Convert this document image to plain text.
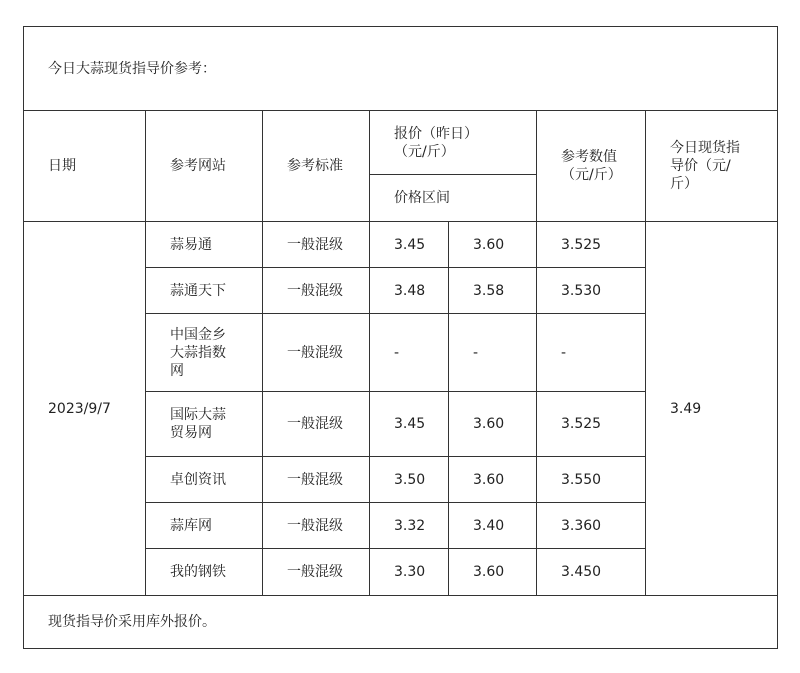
今日大蒜现货指导价参考：						
日期	参考网站	参考标准	报价（昨日）（元/斤）		参考数值（元/斤）	今日现货指导价（元/斤）

			价格区间			
2023/9/7	蒜易通	一般混级	3.45	3.60	3.525	3.49
	蒜通天下	一般混级	3.48	3.58	3.530	

	中国金乡大蒜指数网	一般混级	-	-	-	

	国际大蒜贸易网	一般混级	3.45	3.60	3.525	
	卓创资讯	一般混级	3.50	3.60	3.550	
	蒜库网	一般混级	3.32	3.40	3.360	
	我的钢铁	一般混级	3.30	3.60	3.450	
现货指导价采用库外报价。						
